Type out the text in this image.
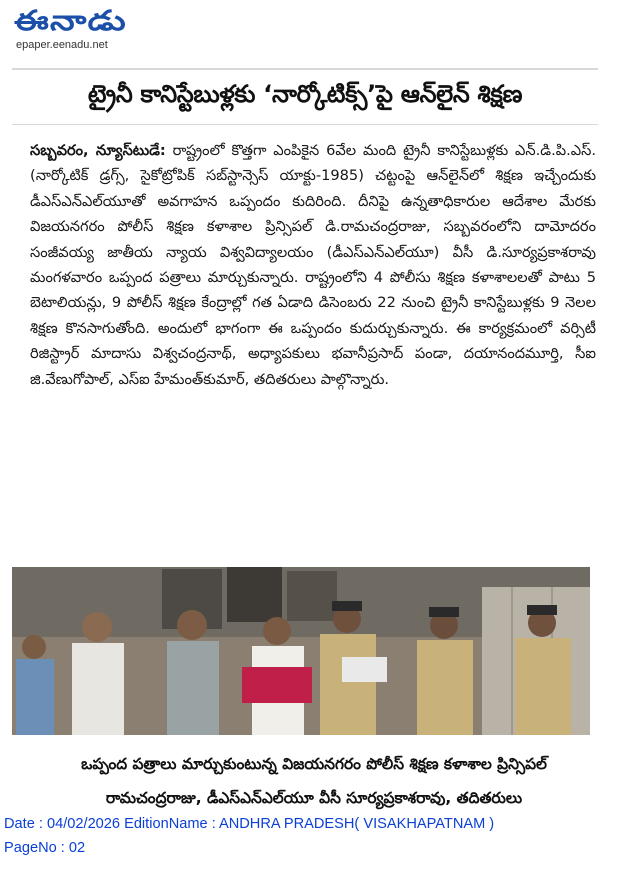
ఈనాడు
epaper.eenadu.net
ట్రైనీ కానిస్టేబుళ్లకు ‘నార్కోటిక్స్‌’పై ఆన్‌లైన్‌ శిక్షణ
సబ్బవరం, న్యూస్‌టుడే: రాష్ట్రంలో కొత్తగా ఎంపికైన 6వేల మంది ట్రైనీ కానిస్టేబుళ్లకు ఎన్‌.డి.పి.ఎస్‌. (నార్కోటిక్‌ డ్రగ్స్‌, సైకోట్రోపిక్‌ సబ్‌స్టాన్సెస్‌ యాక్టు-1985) చట్టంపై ఆన్‌లైన్‌లో శిక్షణ ఇచ్చేందుకు డీఎస్‌ఎన్‌ఎల్‌యూతో అవగాహన ఒప్పందం కుదిరింది. దీనిపై ఉన్నతాధికారుల ఆదేశాల మేరకు విజయనగరం పోలీస్‌ శిక్షణ కళాశాల ప్రిన్సిపల్‌ డి.రామచంద్రరాజు, సబ్బవరంలోని దామోదరం సంజీవయ్య జాతీయ న్యాయ విశ్వవిద్యాలయం (డీఎస్‌ఎన్‌ఎల్‌యూ) వీసీ డి.సూర్యప్రకాశరావు మంగళవారం ఒప్పంద పత్రాలు మార్చుకున్నారు. రాష్ట్రంలోని 4 పోలీసు శిక్షణ కళాశాలలతో పాటు 5 బెటాలియన్లు, 9 పోలీస్‌ శిక్షణ కేంద్రాల్లో గత ఏడాది డిసెంబరు 22 నుంచి ట్రైనీ కానిస్టేబుళ్లకు 9 నెలల శిక్షణ కొనసాగుతోంది. అందులో భాగంగా ఈ ఒప్పందం కుదుర్చుకున్నారు. ఈ కార్యక్రమంలో వర్సిటీ రిజిస్ట్రార్‌ మాదాసు విశ్వచంద్రనాథ్‌, అధ్యాపకులు భవానీప్రసాద్‌ పండా, దయానందమూర్తి, సీఐ జి.వేణుగోపాల్‌, ఎస్‌ఐ హేమంత్‌కుమార్‌, తదితరులు పాల్గొన్నారు.
ఒప్పంద పత్రాలు మార్చుకుంటున్న విజయనగరం పోలీస్‌ శిక్షణ కళాశాల ప్రిన్సిపల్‌
రామచంద్రరాజు, డీఎస్‌ఎన్‌ఎల్‌యూ వీసీ సూర్యప్రకాశరావు, తదితరులు
Date : 04/02/2026 EditionName : ANDHRA PRADESH( VISAKHAPATNAM )
PageNo : 02
